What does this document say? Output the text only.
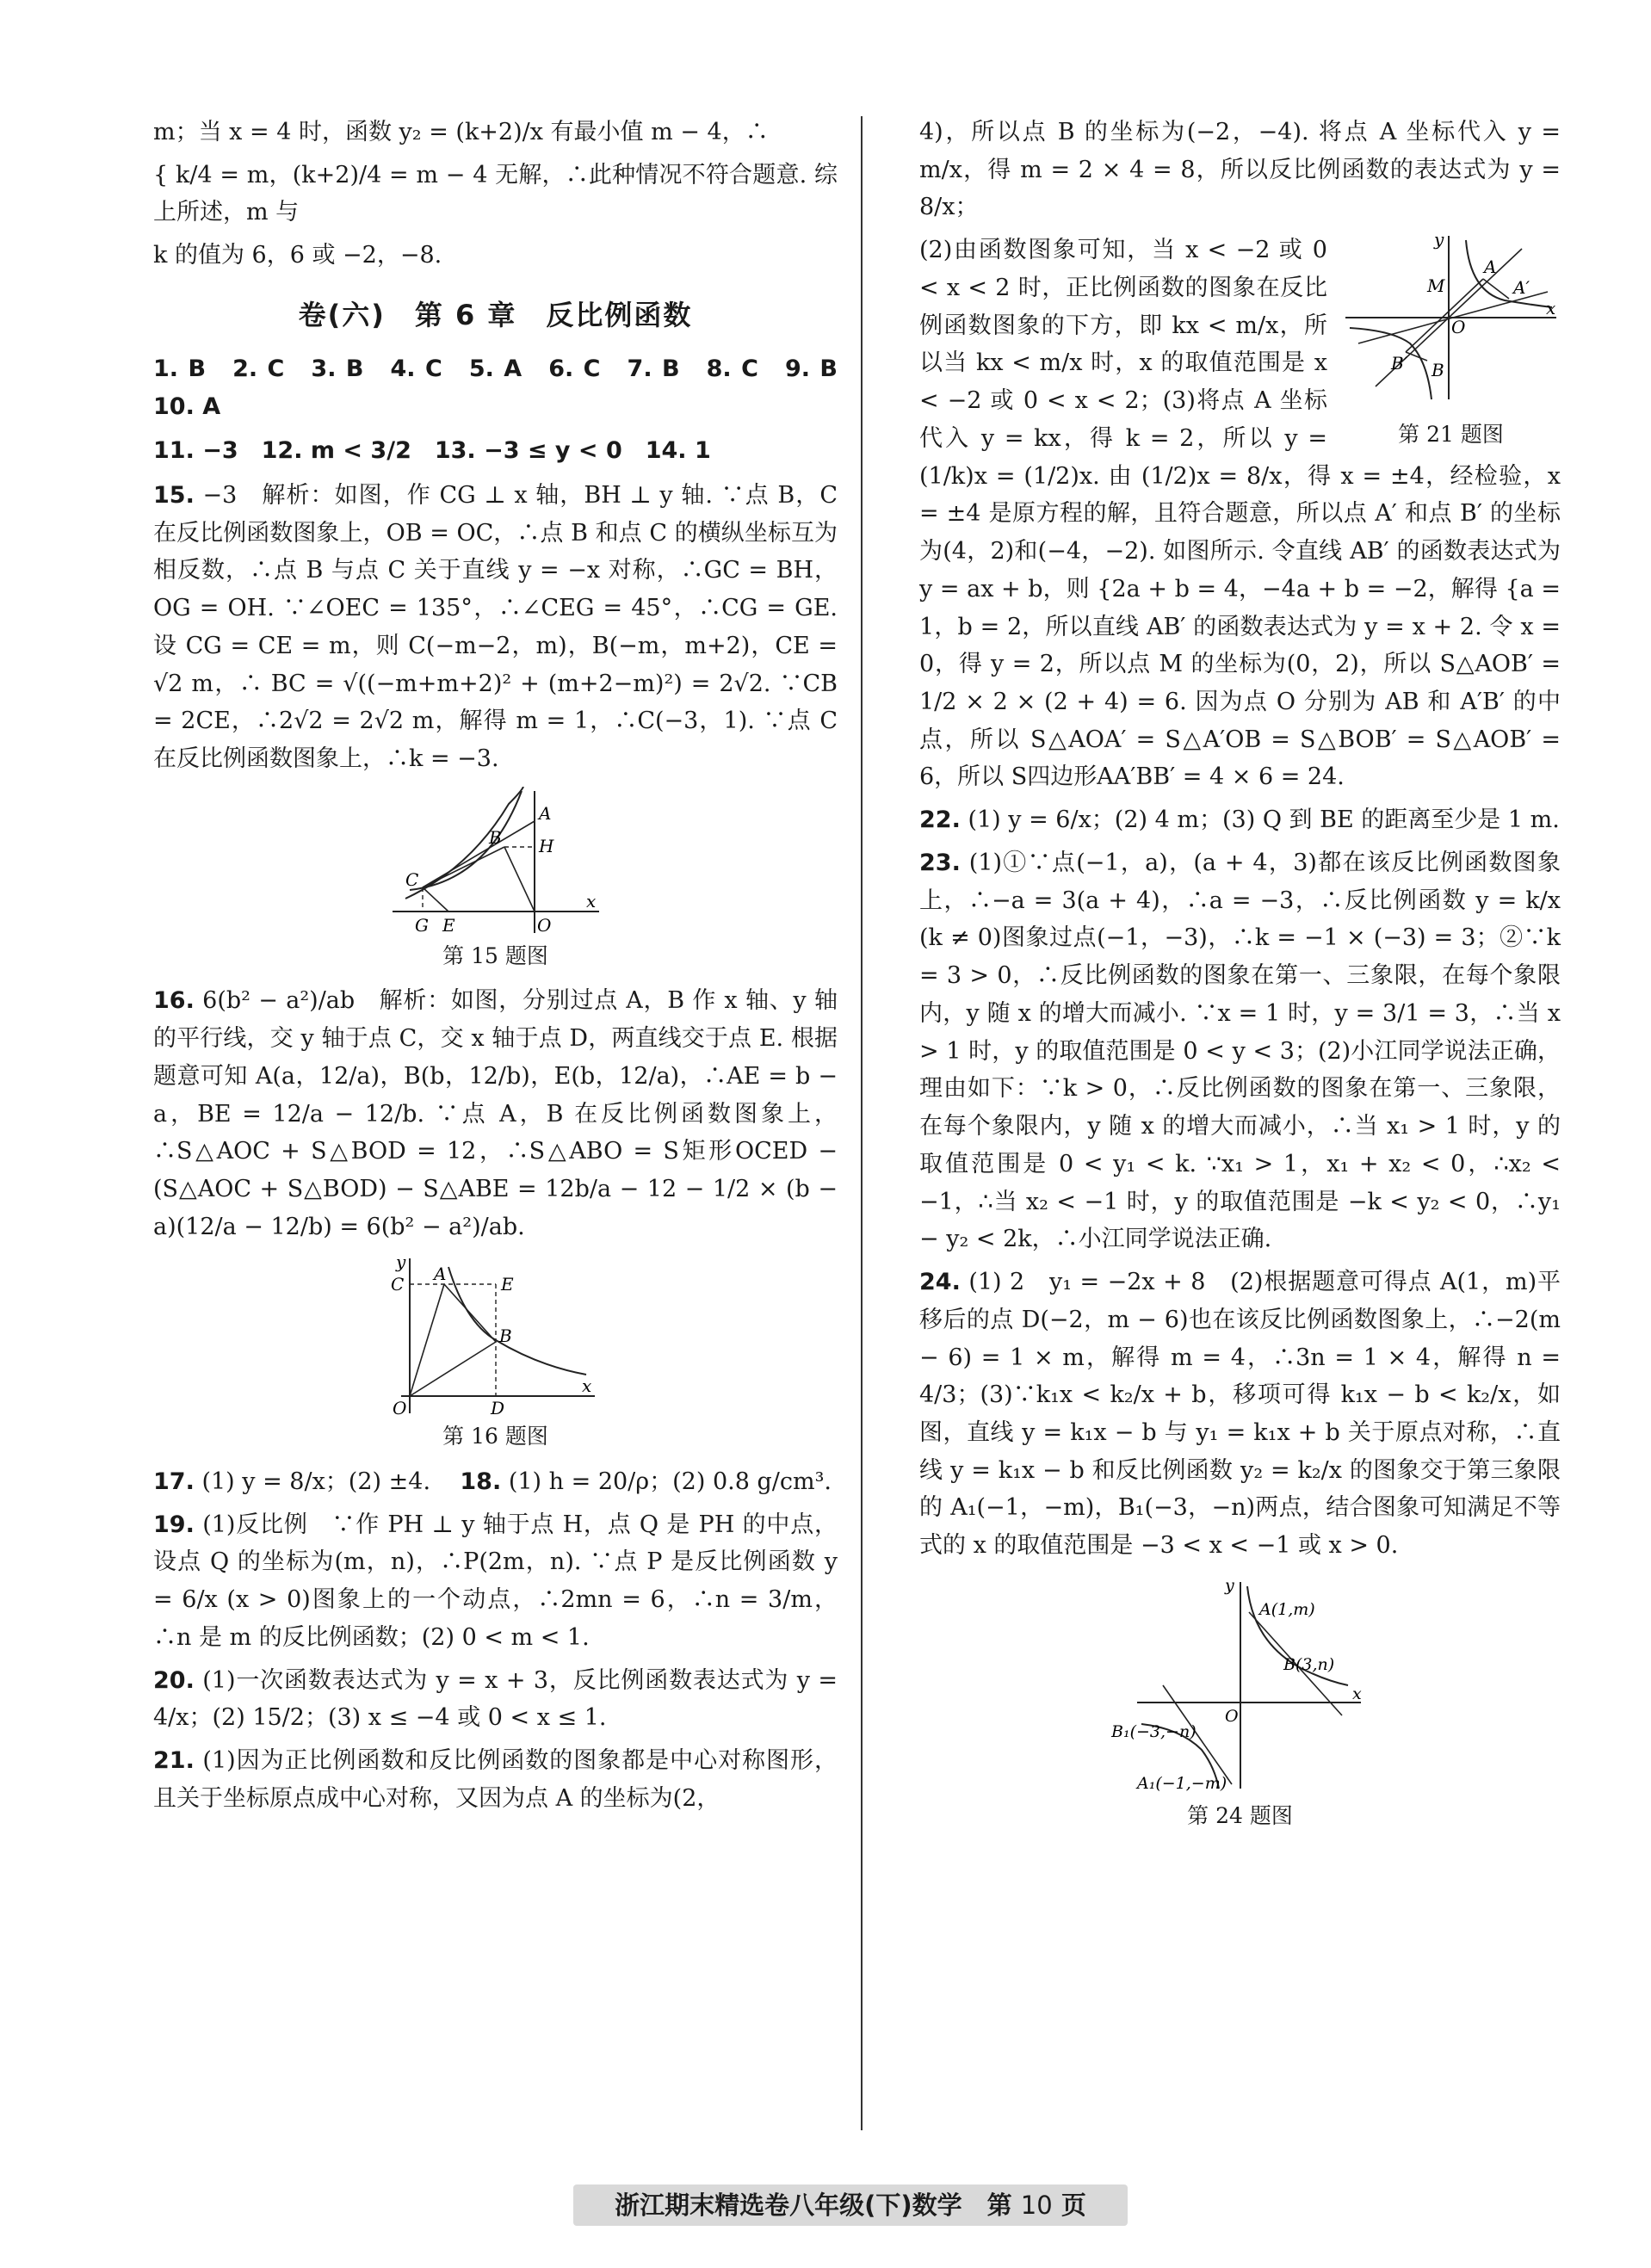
m；当 x = 4 时，函数 y₂ = (k+2)/x 有最小值 m − 4，∴

{ k/4 = m，(k+2)/4 = m − 4 无解，∴此种情况不符合题意. 综上所述，m 与

k 的值为 6，6 或 −2，−8.

卷(六)　第 6 章　反比例函数

1. B　2. C　3. B　4. C　5. A　6. C　7. B　8. C　9. B　10. A

11. −3　12. m < 3/2　13. −3 ≤ y < 0　14. 1

15. −3　解析：如图，作 CG ⊥ x 轴，BH ⊥ y 轴. ∵点 B，C 在反比例函数图象上，OB = OC，∴点 B 和点 C 的横纵坐标互为相反数，∴点 B 与点 C 关于直线 y = −x 对称，∴GC = BH，OG = OH. ∵∠OEC = 135°，∴∠CEG = 45°，∴CG = GE. 设 CG = CE = m，则 C(−m−2，m)，B(−m，m+2)，CE = √2 m，∴ BC = √((−m+m+2)² + (m+2−m)²) = 2√2. ∵CB = 2CE，∴2√2 = 2√2 m，解得 m = 1，∴C(−3，1). ∵点 C 在反比例函数图象上，∴k = −3.

A
B H
C
G E	O
x
第 15 题图

16. 6(b² − a²)/ab　解析：如图，分别过点 A，B 作 x 轴、y 轴的平行线，交 y 轴于点 C，交 x 轴于点 D，两直线交于点 E. 根据题意可知 A(a，12/a)，B(b，12/b)，E(b，12/a)，∴AE = b − a，BE = 12/a − 12/b. ∵点 A，B 在反比例函数图象上，∴S△AOC + S△BOD = 12，∴S△ABO = S矩形OCED − (S△AOC + S△BOD) − S△ABE = 12b/a − 12 − 1/2 × (b − a)(12/a − 12/b) = 6(b² − a²)/ab.

y
C A	E
B
O	D
x
第 16 题图

17. (1) y = 8/x；(2) ±4. 18. (1) h = 20/ρ；(2) 0.8 g/cm³.

19. (1)反比例　∵作 PH ⊥ y 轴于点 H，点 Q 是 PH 的中点，设点 Q 的坐标为(m，n)，∴P(2m，n). ∵点 P 是反比例函数 y = 6/x (x > 0)图象上的一个动点，∴2mn = 6，∴n = 3/m，∴n 是 m 的反比例函数；(2) 0 < m < 1.

20. (1)一次函数表达式为 y = x + 3，反比例函数表达式为 y = 4/x；(2) 15/2；(3) x ≤ −4 或 0 < x ≤ 1.

21. (1)因为正比例函数和反比例函数的图象都是中心对称图形，且关于坐标原点成中心对称，又因为点 A 的坐标为(2，

4)，所以点 B 的坐标为(−2，−4). 将点 A 坐标代入 y = m/x，得 m = 2 × 4 = 8，所以反比例函数的表达式为 y = 8/x；

y
A
M	A′
O
x
B′ B
第 21 题图

(2)由函数图象可知，当 x < −2 或 0 < x < 2 时，正比例函数的图象在反比例函数图象的下方，即 kx < m/x，所以当 kx < m/x 时，x 的取值范围是 x < −2 或 0 < x < 2；(3)将点 A 坐标代入 y = kx，得 k = 2，所以 y = (1/k)x = (1/2)x. 由 (1/2)x = 8/x，得 x = ±4，经检验，x = ±4 是原方程的解，且符合题意，所以点 A′ 和点 B′ 的坐标为(4，2)和(−4，−2). 如图所示. 令直线 AB′ 的函数表达式为 y = ax + b，则 {2a + b = 4，−4a + b = −2，解得 {a = 1，b = 2，所以直线 AB′ 的函数表达式为 y = x + 2. 令 x = 0，得 y = 2，所以点 M 的坐标为(0，2)，所以 S△AOB′ = 1/2 × 2 × (2 + 4) = 6. 因为点 O 分别为 AB 和 A′B′ 的中点，所以 S△AOA′ = S△A′OB = S△BOB′ = S△AOB′ = 6，所以 S四边形AA′BB′ = 4 × 6 = 24.

22. (1) y = 6/x；(2) 4 m；(3) Q 到 BE 的距离至少是 1 m.

23. (1)①∵点(−1，a)，(a + 4，3)都在该反比例函数图象上，∴−a = 3(a + 4)，∴a = −3，∴反比例函数 y = k/x (k ≠ 0)图象过点(−1，−3)，∴k = −1 × (−3) = 3；②∵k = 3 > 0，∴反比例函数的图象在第一、三象限，在每个象限内，y 随 x 的增大而减小. ∵x = 1 时，y = 3/1 = 3，∴当 x > 1 时，y 的取值范围是 0 < y < 3；(2)小江同学说法正确，理由如下：∵k > 0，∴反比例函数的图象在第一、三象限，在每个象限内，y 随 x 的增大而减小，∴当 x₁ > 1 时，y 的取值范围是 0 < y₁ < k. ∵x₁ > 1，x₁ + x₂ < 0，∴x₂ < −1，∴当 x₂ < −1 时，y 的取值范围是 −k < y₂ < 0，∴y₁ − y₂ < 2k，∴小江同学说法正确.

24. (1) 2　y₁ = −2x + 8　(2)根据题意可得点 A(1，m)平移后的点 D(−2，m − 6)也在该反比例函数图象上，∴−2(m − 6) = 1 × m，解得 m = 4，∴3n = 1 × 4，解得 n = 4/3；(3)∵k₁x < k₂/x + b，移项可得 k₁x − b < k₂/x，如图，直线 y = k₁x − b 与 y₁ = k₁x + b 关于原点对称，∴直线 y = k₁x − b 和反比例函数 y₂ = k₂/x 的图象交于第三象限的 A₁(−1，−m)，B₁(−3，−n)两点，结合图象可知满足不等式的 x 的取值范围是 −3 < x < −1 或 x > 0.

y
A(1,m)
B(3,n)
O
x
B₁(−3,−n)
A₁(−1,−m)
第 24 题图
浙江期末精选卷八年级(下)数学　第 10 页
